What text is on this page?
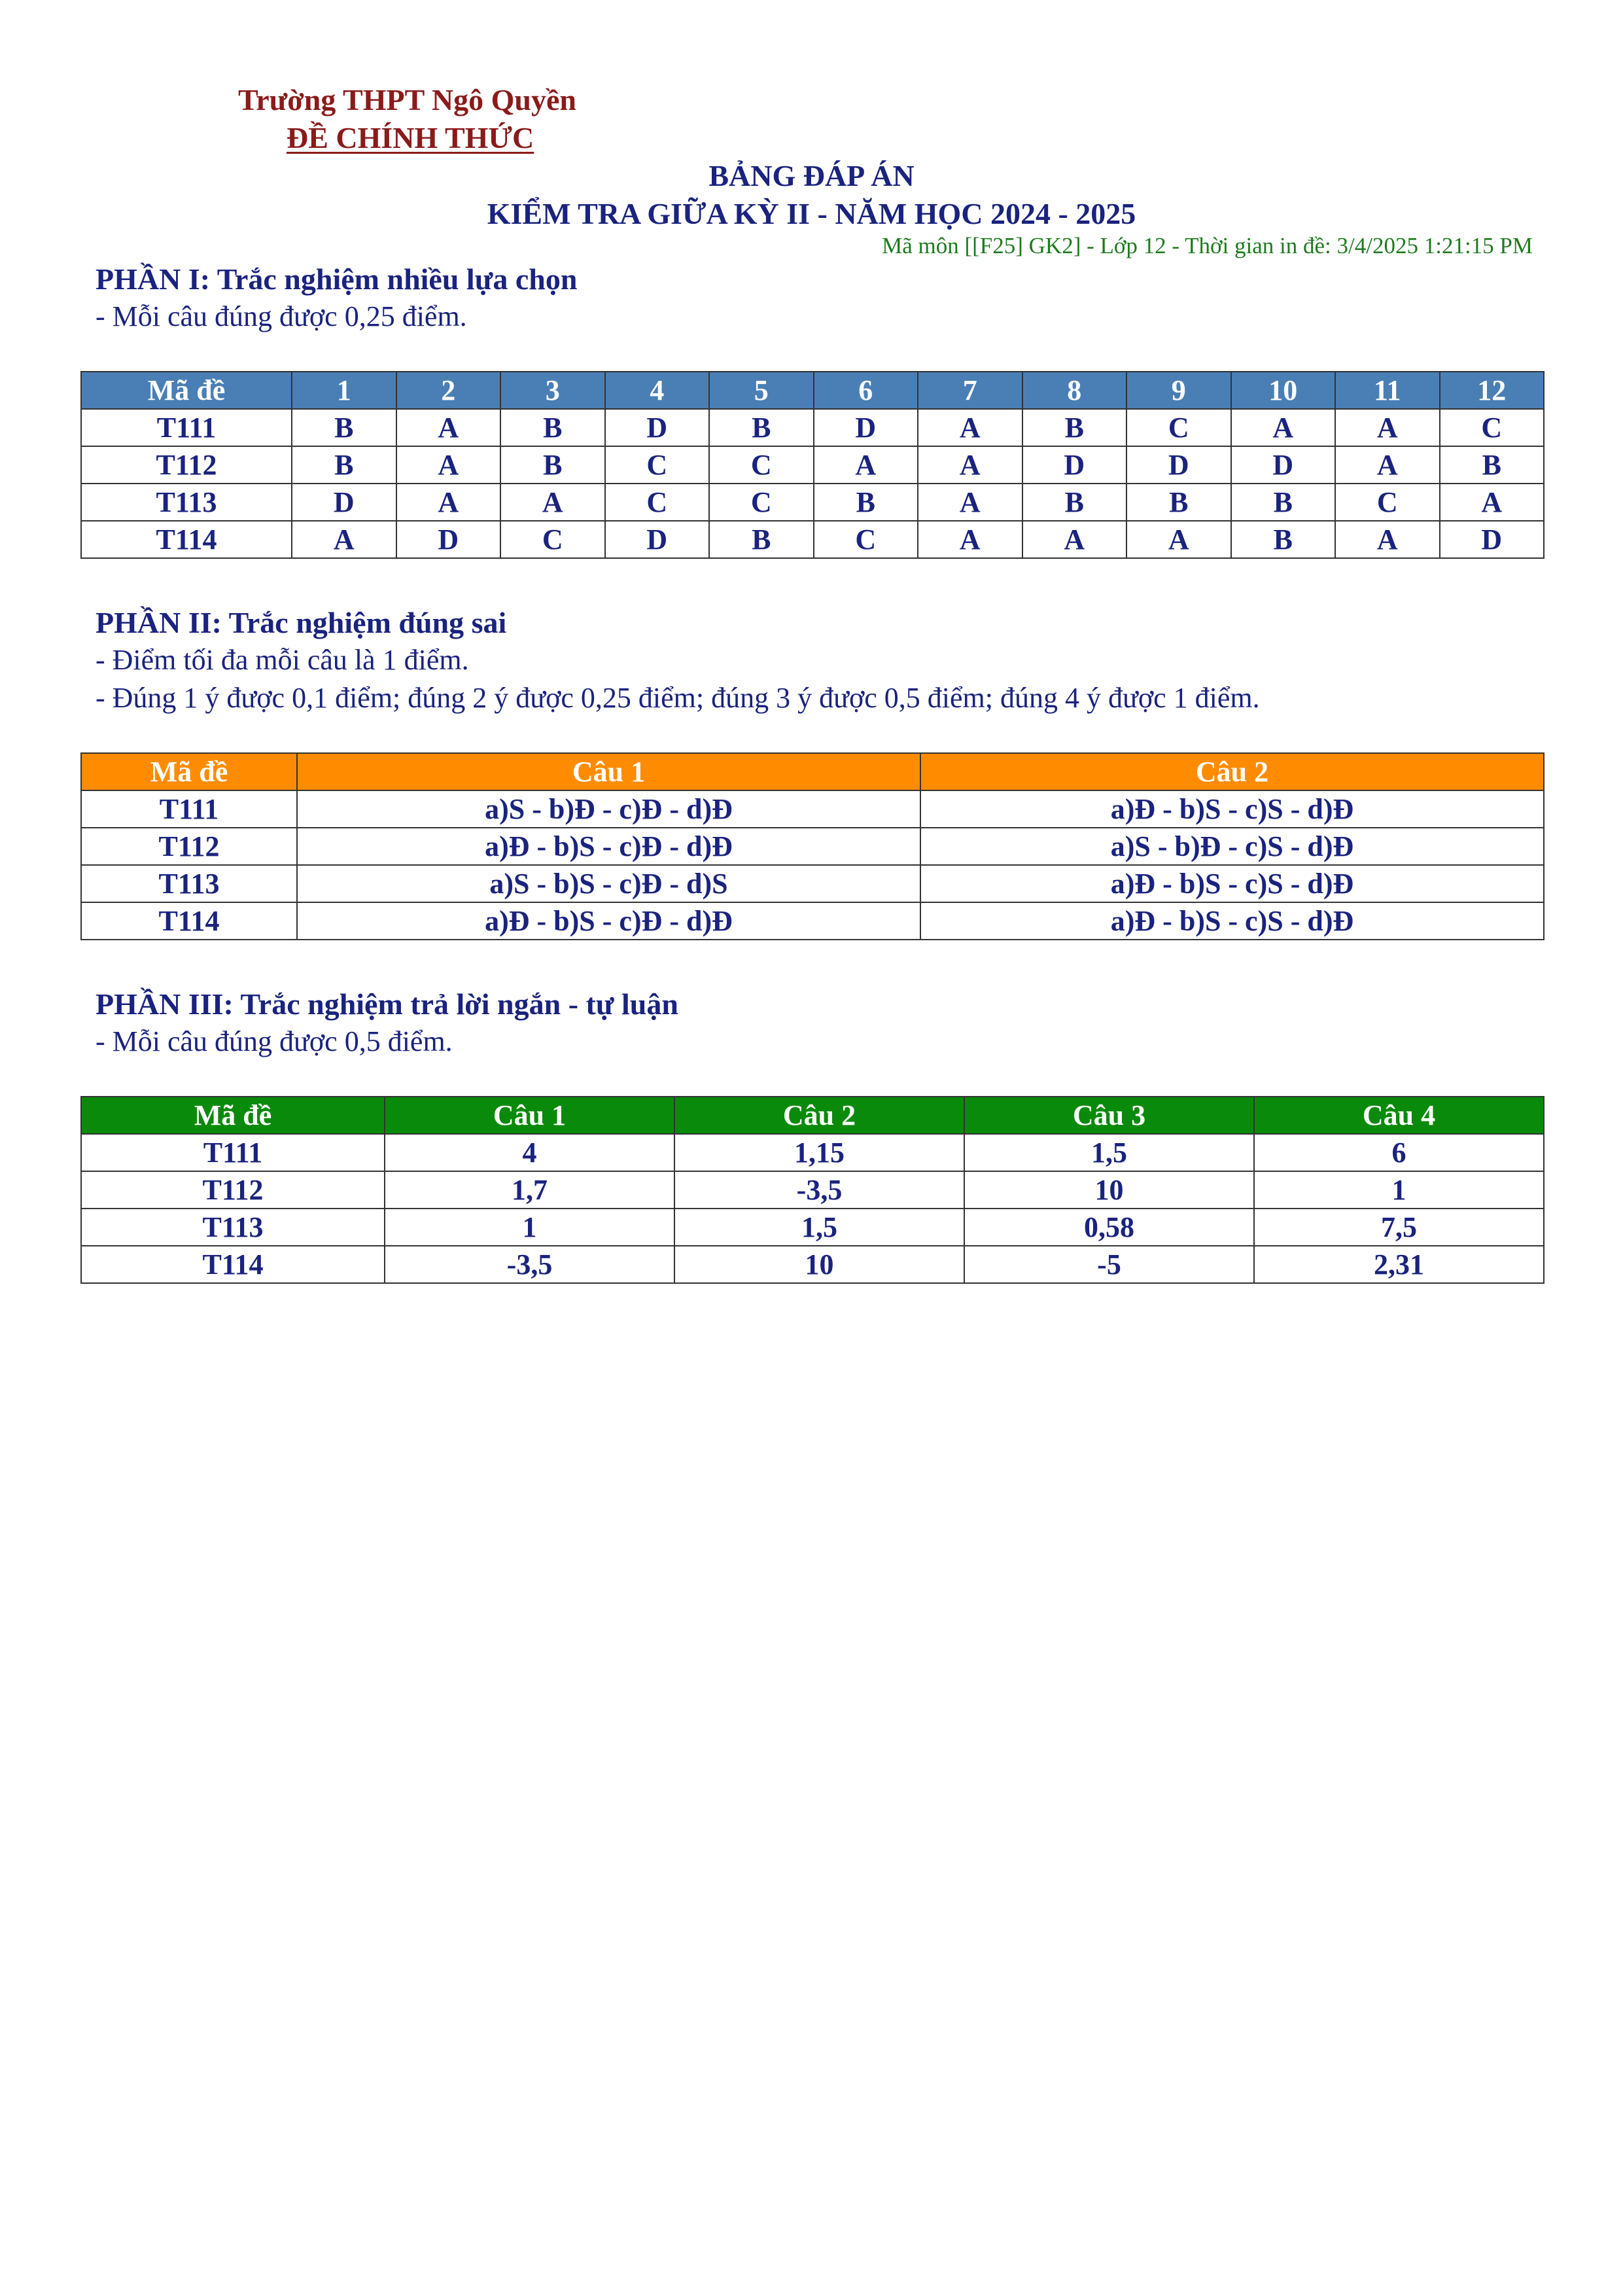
Trường THPT Ngô Quyền
ĐỀ CHÍNH THỨC
BẢNG ĐÁP ÁN
KIỂM TRA GIỮA KỲ II - NĂM HỌC 2024 - 2025
Mã môn [[F25] GK2] - Lớp 12 - Thời gian in đề: 3/4/2025 1:21:15 PM
PHẦN I: Trắc nghiệm nhiều lựa chọn
- Mỗi câu đúng được 0,25 điểm.
Mã đề	1	2	3	4	5	6	7	8	9	10	11	12
T111	B	A	B	D	B	D	A	B	C	A	A	C
T112	B	A	B	C	C	A	A	D	D	D	A	B
T113	D	A	A	C	C	B	A	B	B	B	C	A
T114	A	D	C	D	B	C	A	A	A	B	A	D
PHẦN II: Trắc nghiệm đúng sai
- Điểm tối đa mỗi câu là 1 điểm.
- Đúng 1 ý được 0,1 điểm; đúng 2 ý được 0,25 điểm; đúng 3 ý được 0,5 điểm; đúng 4 ý được 1 điểm.
Mã đề	Câu 1	Câu 2
T111	a)S - b)Đ - c)Đ - d)Đ	a)Đ - b)S - c)S - d)Đ
T112	a)Đ - b)S - c)Đ - d)Đ	a)S - b)Đ - c)S - d)Đ
T113	a)S - b)S - c)Đ - d)S	a)Đ - b)S - c)S - d)Đ
T114	a)Đ - b)S - c)Đ - d)Đ	a)Đ - b)S - c)S - d)Đ
PHẦN III: Trắc nghiệm trả lời ngắn - tự luận
- Mỗi câu đúng được 0,5 điểm.
Mã đề	Câu 1	Câu 2	Câu 3	Câu 4
T111	4	1,15	1,5	6
T112	1,7	-3,5	10	1
T113	1	1,5	0,58	7,5
T114	-3,5	10	-5	2,31
